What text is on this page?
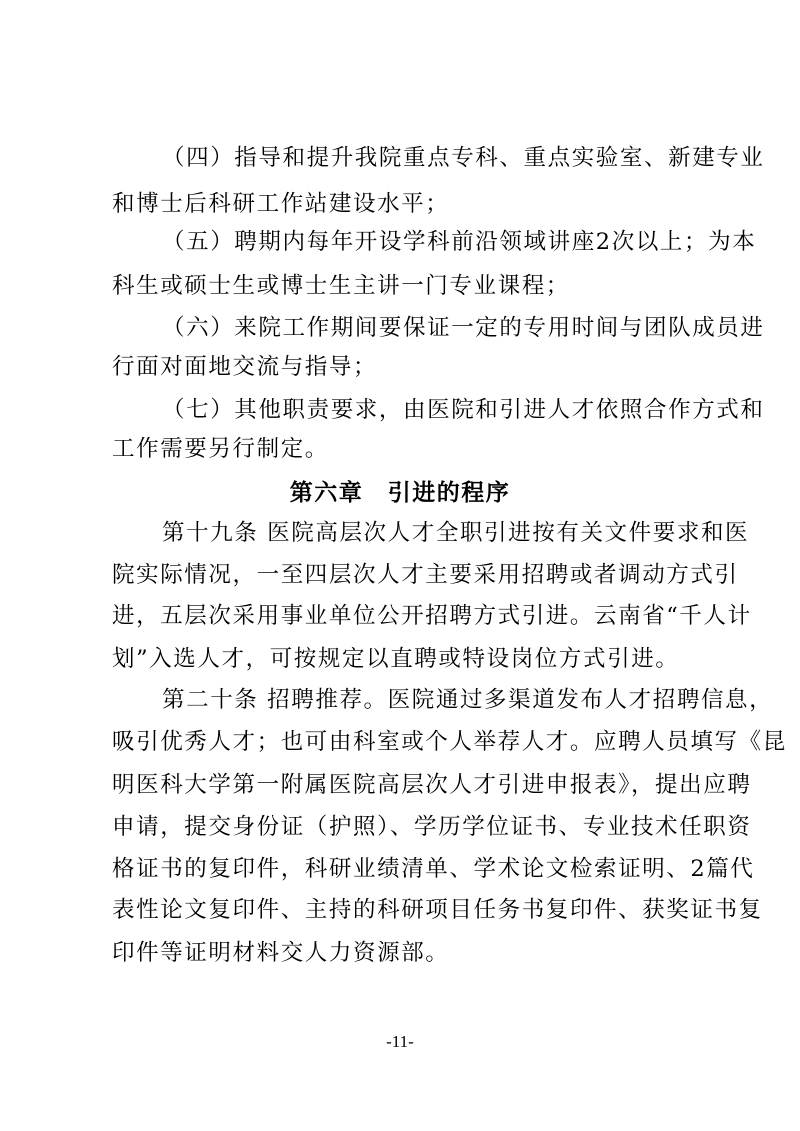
（四）指导和提升我院重点专科、重点实验室、新建专业
和博士后科研工作站建设水平；
（五）聘期内每年开设学科前沿领域讲座2次以上；为本
科生或硕士生或博士生主讲一门专业课程；
（六）来院工作期间要保证一定的专用时间与团队成员进
行面对面地交流与指导；
（七）其他职责要求，由医院和引进人才依照合作方式和
工作需要另行制定。
第六章　引进的程序
第十九条 医院高层次人才全职引进按有关文件要求和医
院实际情况，一至四层次人才主要采用招聘或者调动方式引
进，五层次采用事业单位公开招聘方式引进。云南省“千人计
划”入选人才，可按规定以直聘或特设岗位方式引进。
第二十条 招聘推荐。医院通过多渠道发布人才招聘信息，
吸引优秀人才；也可由科室或个人举荐人才。应聘人员填写《昆
明医科大学第一附属医院高层次人才引进申报表》，提出应聘
申请，提交身份证（护照）、学历学位证书、专业技术任职资
格证书的复印件，科研业绩清单、学术论文检索证明、2篇代
表性论文复印件、主持的科研项目任务书复印件、获奖证书复
印件等证明材料交人力资源部。
-11-
